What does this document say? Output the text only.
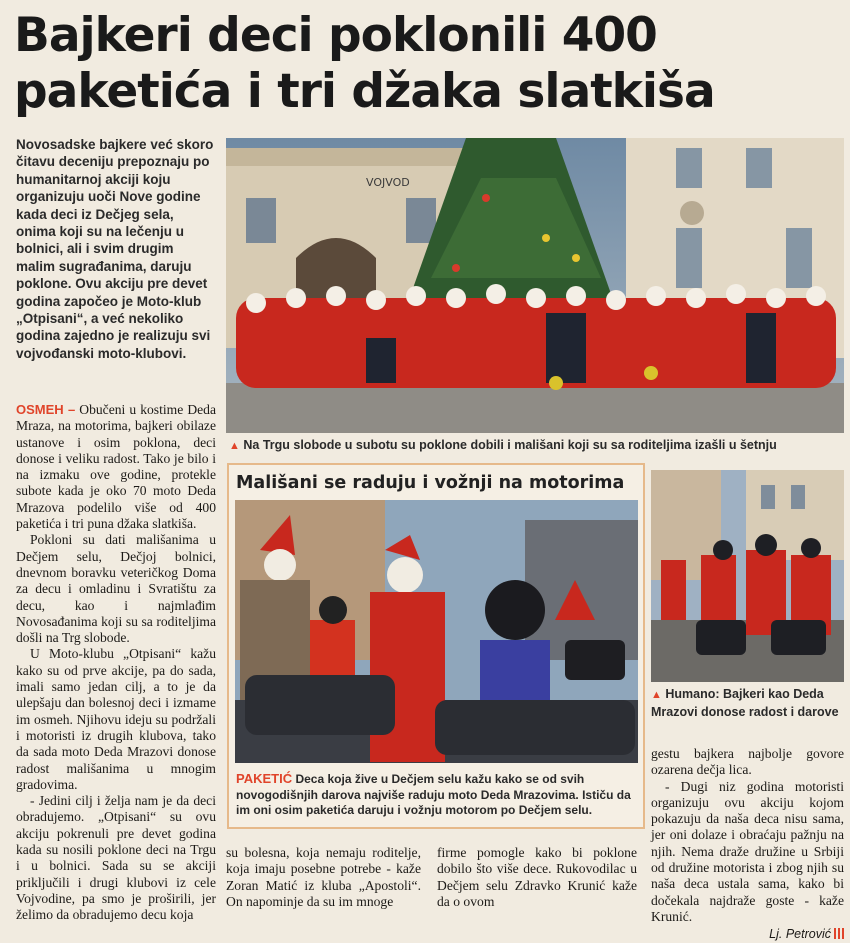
Bajkeri deci poklonili 400
paketića i tri džaka slatkiša
Novosadske bajkere već skoro čitavu deceniju prepoznaju po humanitarnoj akciji koju organizuju uoči Nove godine kada deci iz Dečjeg sela, onima koji su na lečenju u bolnici, ali i svim drugim malim sugrađanima, daruju poklone. Ovu akciju pre devet godina započeo je Moto-klub „Otpisani“, a već nekoliko godina zajedno je realizuju svi vojvođanski moto-klubovi.
VOJVOD
▲ Na Trgu slobode u subotu su poklone dobili i mališani koji su sa roditeljima izašli u šetnju

OSMEH – Obučeni u kostime Deda Mraza, na motorima, bajkeri obilaze ustanove i osim poklona, deci donose i veliku radost. Tako je bilo i na izmaku ove godine, protekle subote kada je oko 70 moto Deda Mrazova podelilo više od 400 paketića i tri puna džaka slatkiša.

Pokloni su dati mališanima u Dečjem selu, Dečjoj bolnici, dnevnom boravku veteričkog Doma za decu i omladinu i Svratištu za decu, kao i najmlađim Novosađanima koji su sa roditeljima došli na Trg slobode.

U Moto-klubu „Otpisani“ kažu kako su od prve akcije, pa do sada, imali samo jedan cilj, a to je da ulepšaju dan bolesnoj deci i izmame im osmeh. Njihovu ideju su podržali i motoristi iz drugih klubova, tako da sada moto Deda Mrazovi donose radost mališanima u mnogim gradovima.

- Jedini cilj i želja nam je da deci obradujemo. „Otpisani“ su ovu akciju pokrenuli pre devet godina kada su nosili poklone deci na Trgu i u bolnici. Sada su se akciji priključili i drugi klubovi iz cele Vojvodine, pa smo je proširili, jer želimo da obradujemo decu koja

Mališani se raduju i vožnji na motorima
PAKETIĆ Deca koja žive u Dečjem selu kažu kako se od svih novogodišnjih darova najviše raduju moto Deda Mrazovima. Ističu da im oni osim paketića daruju i vožnju motorom po Dečjem selu.
▲ Humano: Bajkeri kao Deda Mrazovi donose radost i darove

su bolesna, koja nemaju roditelje, koja imaju posebne potrebe - kaže Zoran Matić iz kluba „Apostoli“. On napominje da su im mnoge

firme pomogle kako bi poklone dobilo što više dece. Rukovodilac u Dečjem selu Zdravko Krunić kaže da o ovom

gestu bajkera najbolje govore ozarena dečja lica.

- Dugi niz godina motoristi organizuju ovu akciju kojom pokazuju da naša deca nisu sama, jer oni dolaze i obraćaju pažnju na njih. Nema draže družine u Srbiji od družine motorista i zbog njih su naša deca ustala sama, kako bi dočekala najdraže goste - kaže Krunić.

Lj. Petrović
